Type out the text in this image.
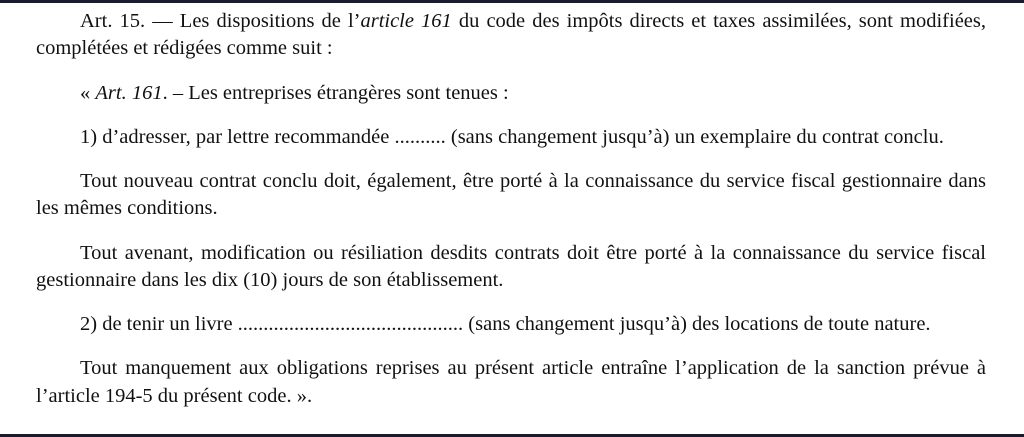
Art. 15. — Les dispositions de l’article 161 du code des impôts directs et taxes assimilées, sont modifiées, complétées et rédigées comme suit :

« Art. 161. – Les entreprises étrangères sont tenues :

1) d’adresser, par lettre recommandée .......... (sans changement jusqu’à) un exemplaire du contrat conclu.

Tout nouveau contrat conclu doit, également, être porté à la connaissance du service fiscal gestionnaire dans les mêmes conditions.

Tout avenant, modification ou résiliation desdits contrats doit être porté à la connaissance du service fiscal gestionnaire dans les dix (10) jours de son établissement.

2) de tenir un livre ............................................ (sans changement jusqu’à) des locations de toute nature.

Tout manquement aux obligations reprises au présent article entraîne l’application de la sanction prévue à l’article 194-5 du présent code. ».
